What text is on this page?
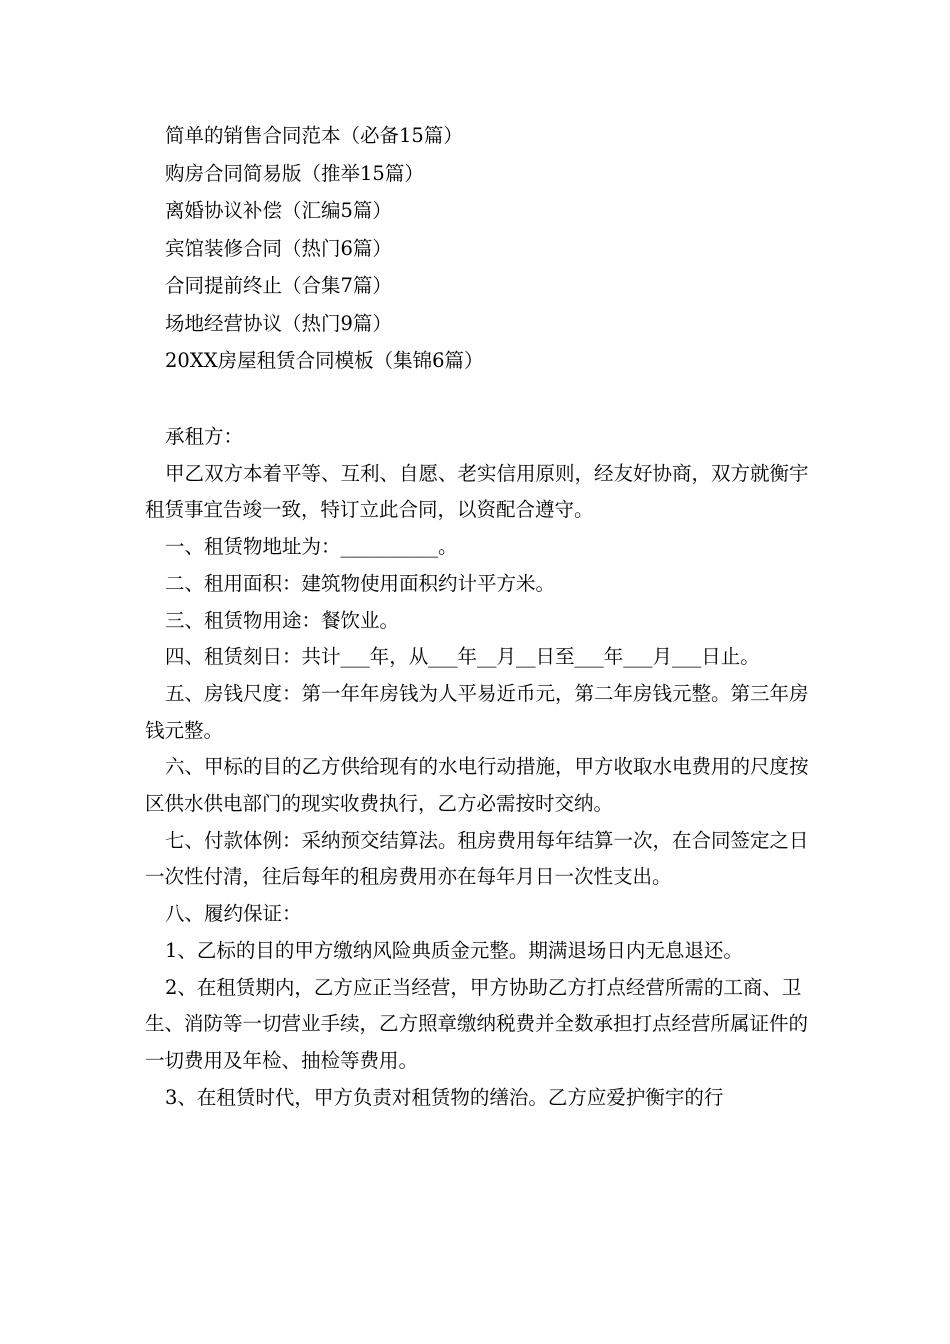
简单的销售合同范本（必备15篇）
购房合同简易版（推举15篇）
离婚协议补偿（汇编5篇）
宾馆装修合同（热门6篇）
合同提前终止（合集7篇）
场地经营协议（热门9篇）
20XX房屋租赁合同模板（集锦6篇）

承租方：

甲乙双方本着平等、互利、自愿、老实信用原则，经友好协商，双方就衡宇租赁事宜告竣一致，特订立此合同，以资配合遵守。

一、租赁物地址为：__________。

二、租用面积：建筑物使用面积约计平方米。

三、租赁物用途：餐饮业。

四、租赁刻日：共计___年，从___年__月__日至___年___月___日止。

五、房钱尺度：第一年年房钱为人平易近币元，第二年房钱元整。第三年房钱元整。

六、甲标的目的乙方供给现有的水电行动措施，甲方收取水电费用的尺度按区供水供电部门的现实收费执行，乙方必需按时交纳。

七、付款体例：采纳预交结算法。租房费用每年结算一次，在合同签定之日一次性付清，往后每年的租房费用亦在每年月日一次性支出。

八、履约保证：

1、乙标的目的甲方缴纳风险典质金元整。期满退场日内无息退还。

2、在租赁期内，乙方应正当经营，甲方协助乙方打点经营所需的工商、卫生、消防等一切营业手续，乙方照章缴纳税费并全数承担打点经营所属证件的一切费用及年检、抽检等费用。

3、在租赁时代，甲方负责对租赁物的缮治。乙方应爱护衡宇的行
